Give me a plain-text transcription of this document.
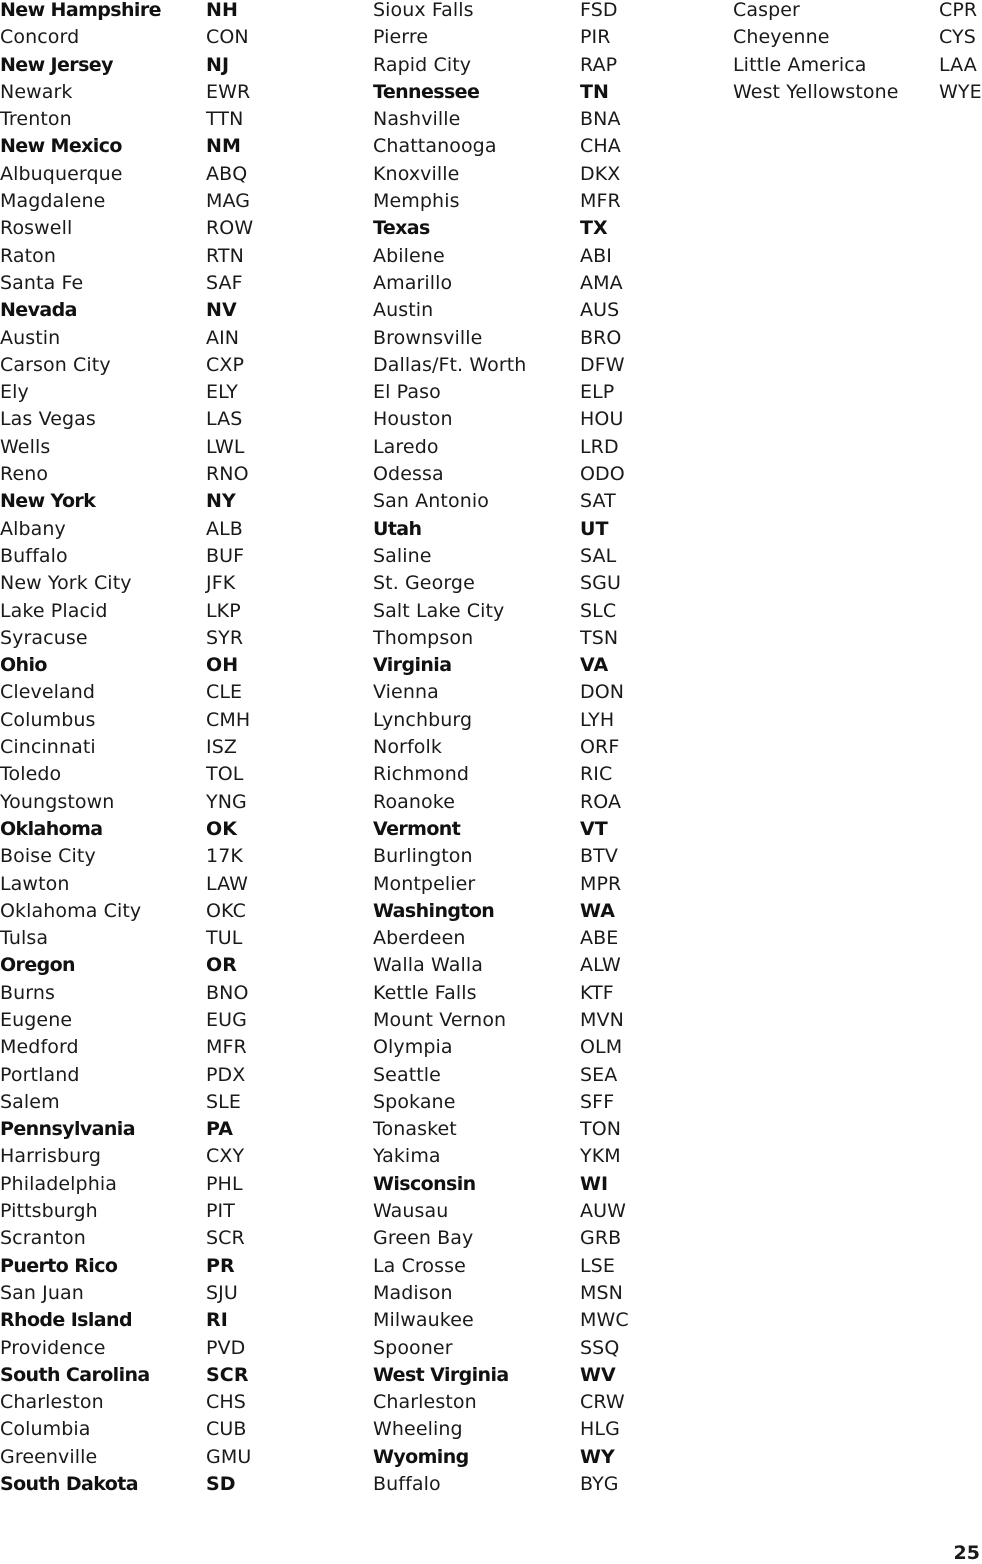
New Hampshire NH
Concord	CON
New Jersey	NJ
Newark	EWR
Trenton	TTN
New Mexico	NM
Albuquerque	ABQ
Magdalene	MAG
Roswell	ROW
Raton	RTN
Santa Fe	SAF
Nevada	NV
Austin	AIN
Carson City	CXP
Ely	ELY
Las Vegas	LAS
Wells	LWL
Reno	RNO
New York	NY
Albany	ALB
Buffalo	BUF
New York City	JFK
Lake Placid	LKP
Syracuse	SYR
Ohio	OH
Cleveland	CLE
Columbus	CMH
Cincinnati	ISZ
Toledo	TOL
Youngstown	YNG
Oklahoma	OK
Boise City	17K
Lawton	LAW
Oklahoma City	OKC
Tulsa	TUL
Oregon	OR
Burns	BNO
Eugene	EUG
Medford	MFR
Portland	PDX
Salem	SLE
Pennsylvania	PA
Harrisburg	CXY
Philadelphia	PHL
Pittsburgh	PIT
Scranton	SCR
Puerto Rico	PR
San Juan	SJU
Rhode Island	RI
Providence	PVD
South Carolina	SCR
Charleston	CHS
Columbia	CUB
Greenville	GMU
South Dakota	SD
Sioux Falls	FSD
Pierre	PIR
Rapid City	RAP
Tennessee	TN
Nashville	BNA
Chattanooga	CHA
Knoxville	DKX
Memphis	MFR
Texas	TX
Abilene	ABI
Amarillo	AMA
Austin	AUS
Brownsville	BRO
Dallas/Ft. Worth	DFW
El Paso	ELP
Houston	HOU
Laredo	LRD
Odessa	ODO
San Antonio	SAT
Utah	UT
Saline	SAL
St. George	SGU
Salt Lake City	SLC
Thompson	TSN
Virginia	VA
Vienna	DON
Lynchburg	LYH
Norfolk	ORF
Richmond	RIC
Roanoke	ROA
Vermont	VT
Burlington	BTV
Montpelier	MPR
Washington	WA
Aberdeen	ABE
Walla Walla	ALW
Kettle Falls	KTF
Mount Vernon	MVN
Olympia	OLM
Seattle	SEA
Spokane	SFF
Tonasket	TON
Yakima	YKM
Wisconsin	WI
Wausau	AUW
Green Bay	GRB
La Crosse	LSE
Madison	MSN
Milwaukee	MWC
Spooner	SSQ
West Virginia	WV
Charleston	CRW
Wheeling	HLG
Wyoming	WY
Buffalo	BYG
Casper	CPR
Cheyenne	CYS
Little America	LAA
West Yellowstone WYE
25
